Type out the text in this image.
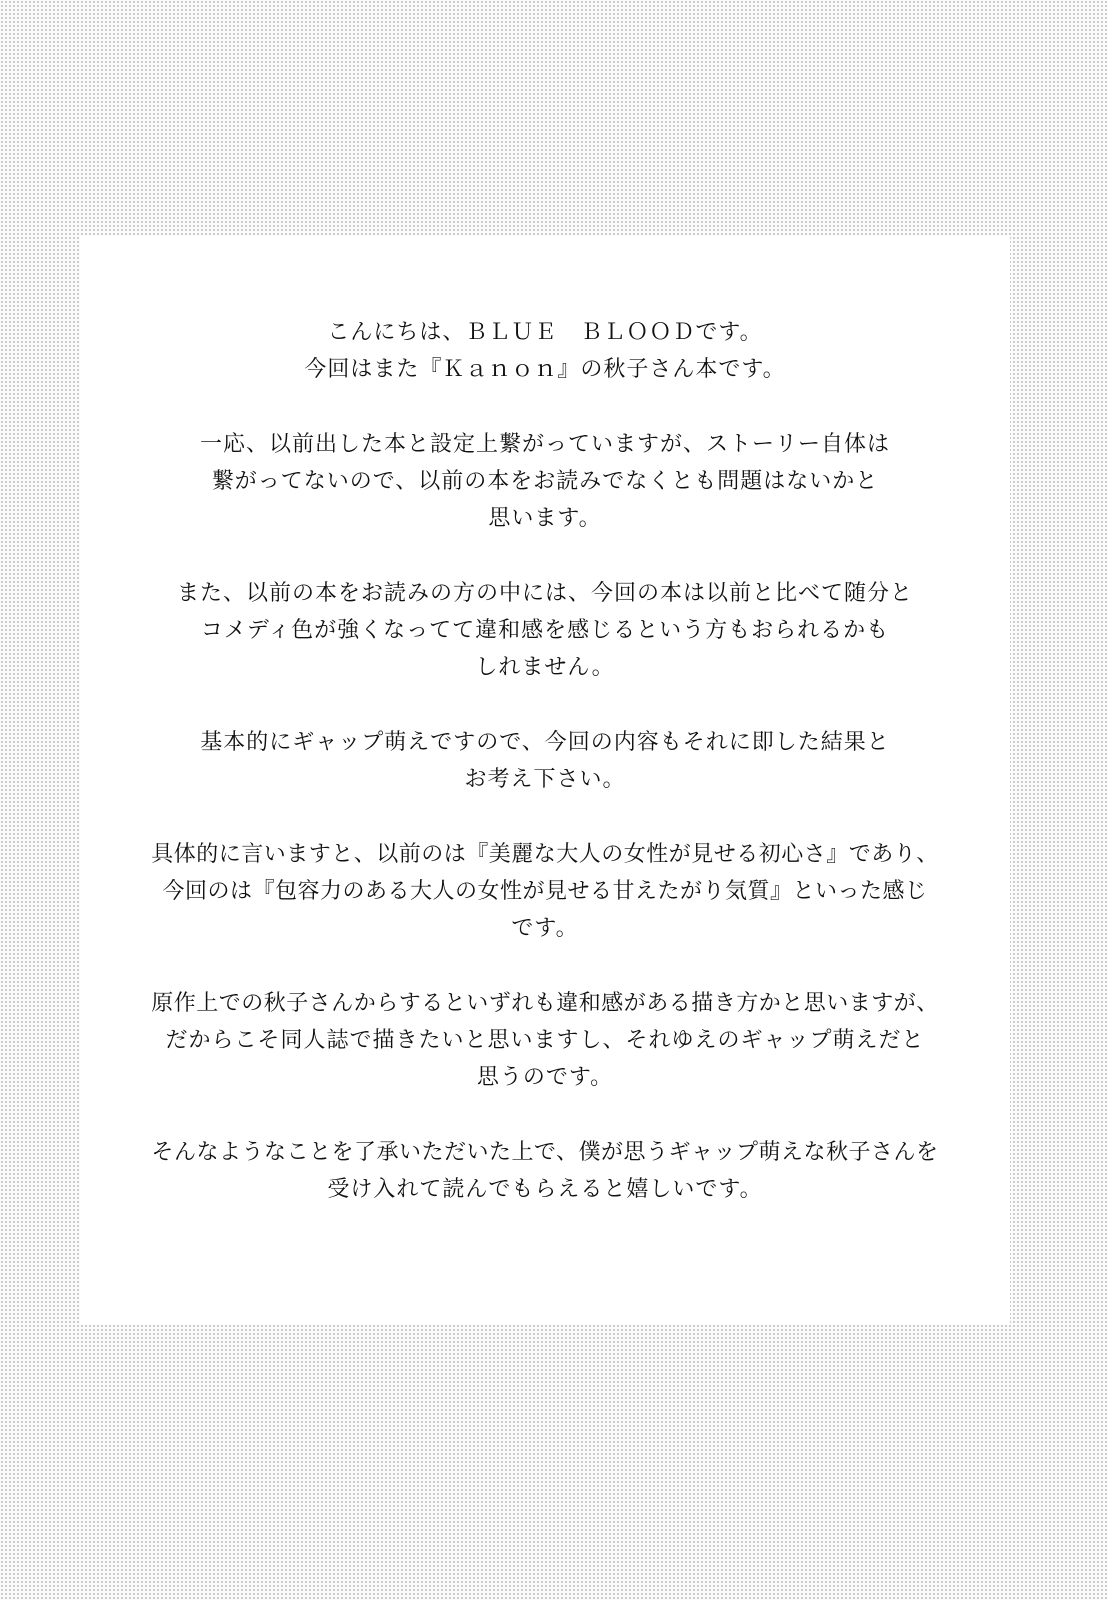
こんにちは、ＢＬＵＥ　ＢＬＯＯＤです。
今回はまた『Ｋａｎｏｎ』の秋子さん本です。
一応、以前出した本と設定上繋がっていますが、ストーリー自体は
繋がってないので、以前の本をお読みでなくとも問題はないかと
思います。
また、以前の本をお読みの方の中には、今回の本は以前と比べて随分と
コメディ色が強くなってて違和感を感じるという方もおられるかも
しれません。
基本的にギャップ萌えですので、今回の内容もそれに即した結果と
お考え下さい。
具体的に言いますと、以前のは『美麗な大人の女性が見せる初心さ』であり、
今回のは『包容力のある大人の女性が見せる甘えたがり気質』といった感じ
です。
原作上での秋子さんからするといずれも違和感がある描き方かと思いますが、
だからこそ同人誌で描きたいと思いますし、それゆえのギャップ萌えだと
思うのです。
そんなようなことを了承いただいた上で、僕が思うギャップ萌えな秋子さんを
受け入れて読んでもらえると嬉しいです。
